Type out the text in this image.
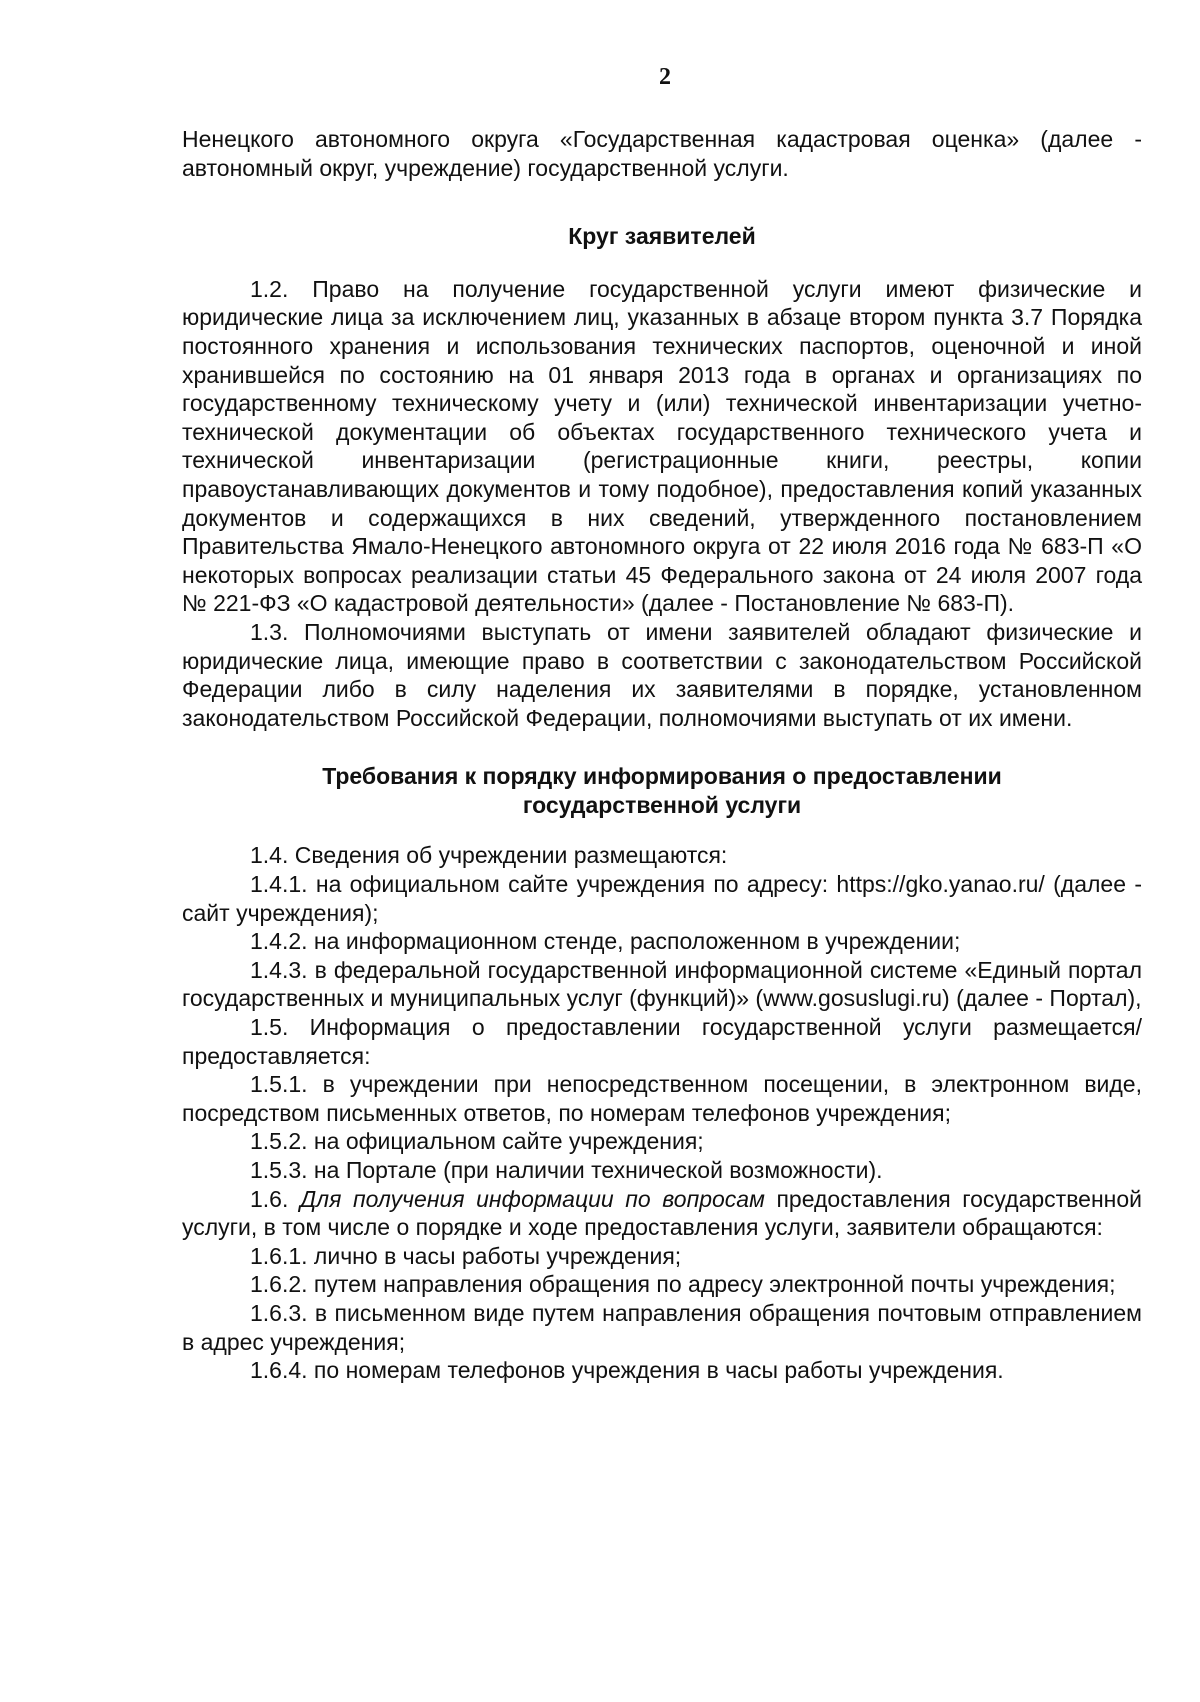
2

Ненецкого автономного округа «Государственная кадастровая оценка» (далее - автономный округ, учреждение) государственной услуги.

Круг заявителей

1.2. Право на получение государственной услуги имеют физические и юридические лица за исключением лиц, указанных в абзаце втором пункта 3.7 Порядка постоянного хранения и использования технических паспортов, оценочной и иной хранившейся по состоянию на 01 января 2013 года в органах и организациях по государственному техническому учету и (или) технической инвентаризации учетно-технической документации об объектах государственного технического учета и технической инвентаризации (регистрационные книги, реестры, копии правоустанавливающих документов и тому подобное), предоставления копий указанных документов и содержащихся в них сведений, утвержденного постановлением Правительства Ямало-Ненецкого автономного округа от 22 июля 2016 года № 683-П «О некоторых вопросах реализации статьи 45 Федерального закона от 24 июля 2007 года № 221-ФЗ «О кадастровой деятельности» (далее - Постановление № 683-П).

1.3. Полномочиями выступать от имени заявителей обладают физические и юридические лица, имеющие право в соответствии с законодательством Российской Федерации либо в силу наделения их заявителями в порядке, установленном законодательством Российской Федерации, полномочиями выступать от их имени.

Требования к порядку информирования о предоставлении
государственной услуги

1.4. Сведения об учреждении размещаются:

1.4.1. на официальном сайте учреждения по адресу: https://gko.yanao.ru/ (далее - сайт учреждения);

1.4.2. на информационном стенде, расположенном в учреждении;

1.4.3. в федеральной государственной информационной системе «Единый портал государственных и муниципальных услуг (функций)» (www.gosuslugi.ru) (далее - Портал),

1.5. Информация о предоставлении государственной услуги размещается/предоставляется:

1.5.1. в учреждении при непосредственном посещении, в электронном виде, посредством письменных ответов, по номерам телефонов учреждения;

1.5.2. на официальном сайте учреждения;

1.5.3. на Портале (при наличии технической возможности).

1.6. Для получения информации по вопросам предоставления государственной услуги, в том числе о порядке и ходе предоставления услуги, заявители обращаются:

1.6.1. лично в часы работы учреждения;

1.6.2. путем направления обращения по адресу электронной почты учреждения;

1.6.3. в письменном виде путем направления обращения почтовым отправлением в адрес учреждения;

1.6.4. по номерам телефонов учреждения в часы работы учреждения.
